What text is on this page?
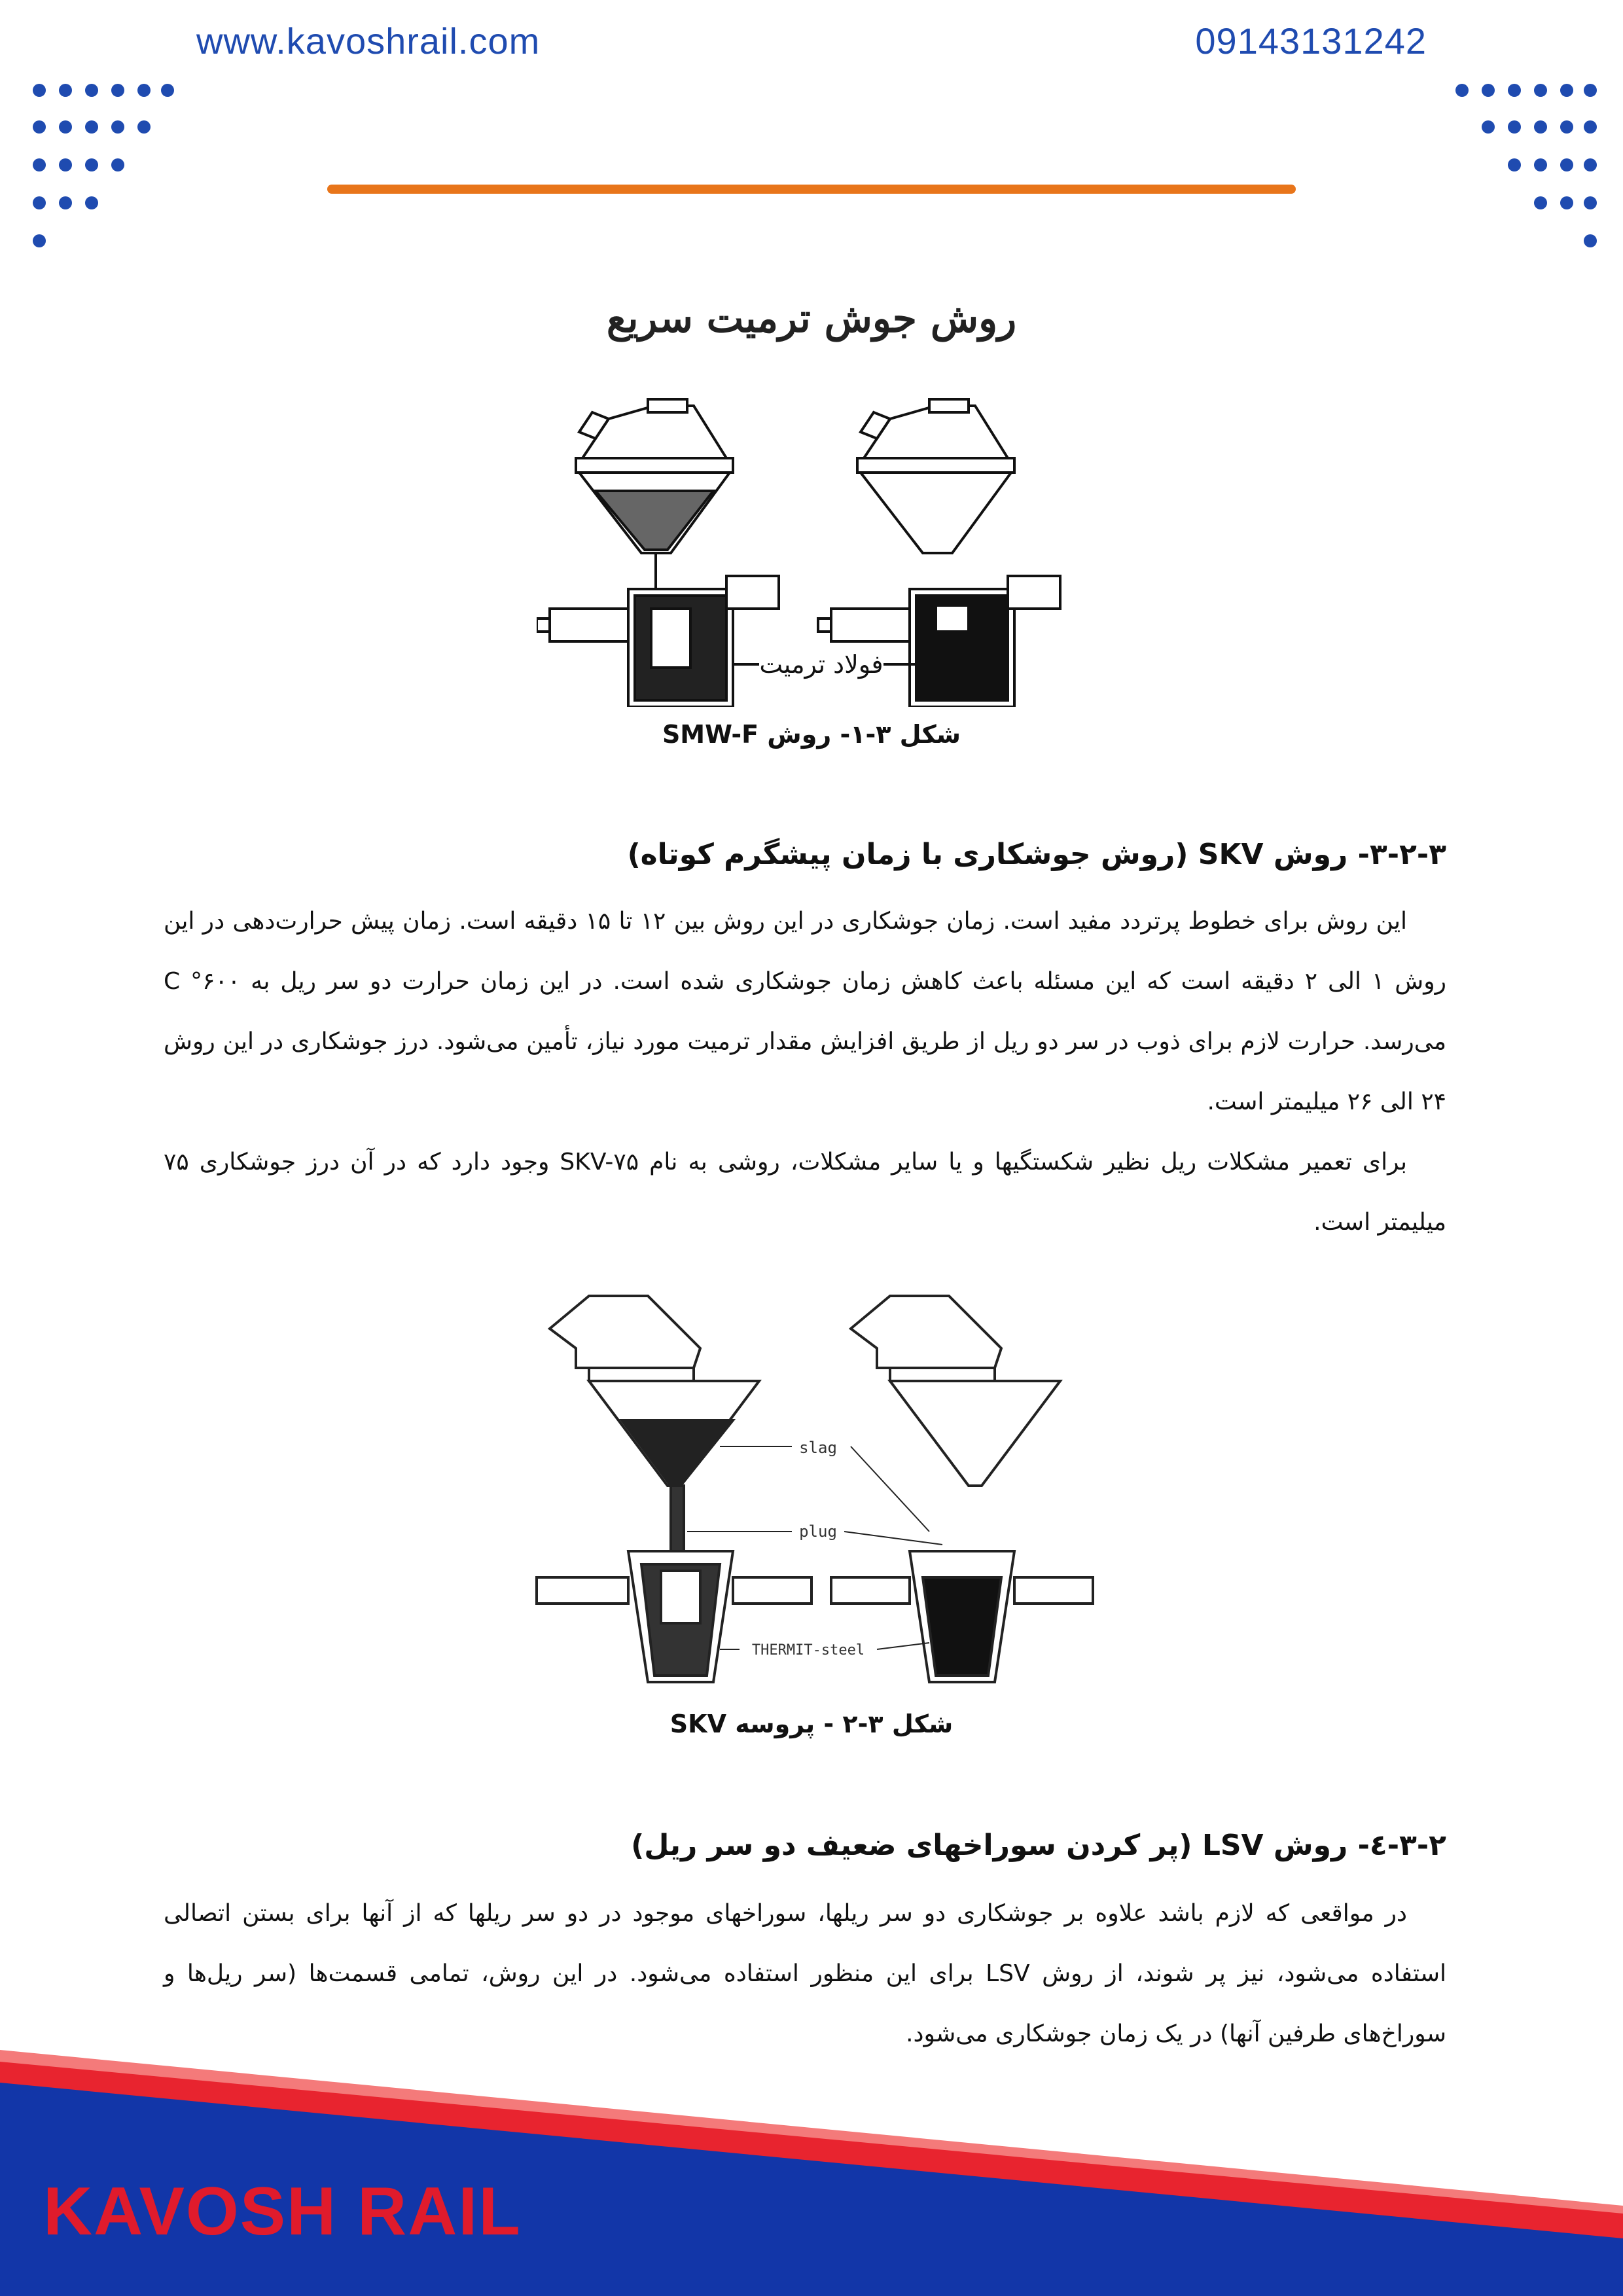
www.kavoshrail.com	09143131242
روش جوش ترمیت سریع
فولاد ترمیت
شکل ۳-۱- روش SMW-F
۳-۲-۳- روش SKV (روش جوشکاری با زمان پیشگرم کوتاه)

این روش برای خطوط پرتردد مفید است. زمان جوشکاری در این روش بین ۱۲ تا ۱۵ دقیقه است. زمان پیش حرارت‌دهی در این روش ۱ الی ۲ دقیقه است که این مسئله باعث کاهش زمان جوشکاری شده است. در این زمان حرارت دو سر ریل به ۶۰۰° C می‌رسد. حرارت لازم برای ذوب در سر دو ریل از طریق افزایش مقدار ترمیت مورد نیاز، تأمین می‌شود. درز جوشکاری در این روش ۲۴ الی ۲۶ میلیمتر است.

برای تعمیر مشکلات ریل نظیر شکستگیها و یا سایر مشکلات، روشی به نام SKV-۷۵ وجود دارد که در آن درز جوشکاری ۷۵ میلیمتر است.

slag
plug
THERMIT-steel
شکل ۳-۲ - پروسه SKV
۳-۲-٤- روش LSV (پر کردن سوراخهای ضعیف دو سر ریل)

در مواقعی که لازم باشد علاوه بر جوشکاری دو سر ریلها، سوراخهای موجود در دو سر ریلها که از آنها برای بستن اتصالی استفاده می‌شود، نیز پر شوند، از روش LSV برای این منظور استفاده می‌شود. در این روش، تمامی قسمت‌ها (سر ریل‌ها و سوراخ‌های طرفین آنها) در یک زمان جوشکاری می‌شود.

KAVOSH RAIL
